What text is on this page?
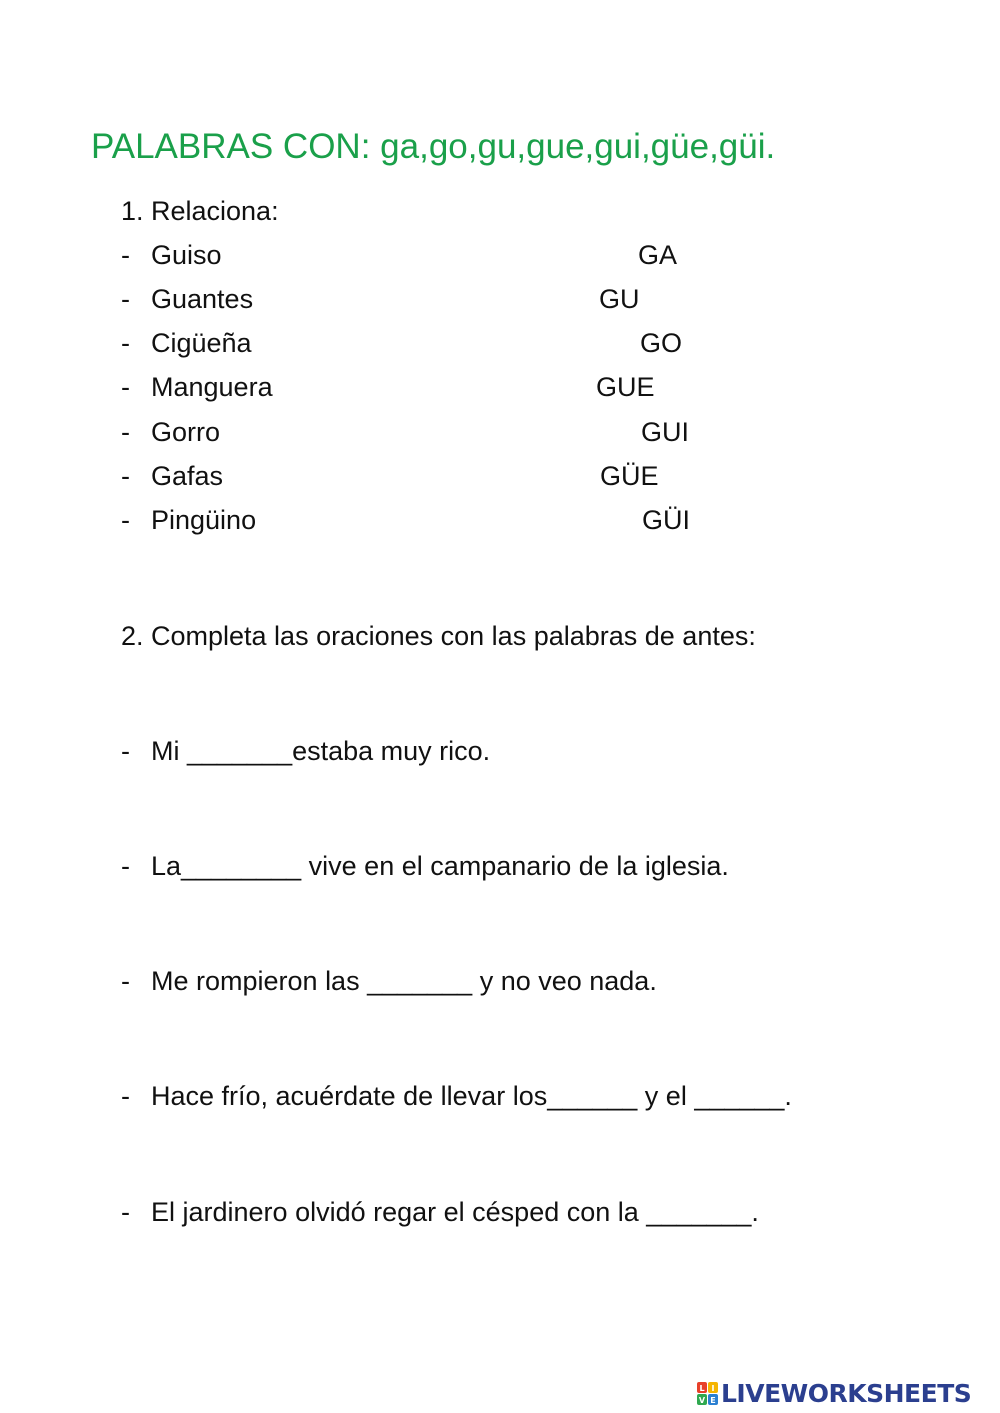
PALABRAS CON: ga,go,gu,gue,gui,güe,güi.
1. Relaciona:
- Guiso	GA
- Guantes	GU
- Cigüeña	GO
- Manguera	GUE
- Gorro	GUI
- Gafas	GÜE
- Pingüino	GÜI
2. Completa las oraciones con las palabras de antes:
- Mi _______estaba muy rico.
- La________ vive en el campanario de la iglesia.
- Me rompieron las _______ y no veo nada.
- Hace frío, acuérdate de llevar los______ y el ______.
- El jardinero olvidó regar el césped con la _______.
L I
V E LIVEWORKSHEETS
